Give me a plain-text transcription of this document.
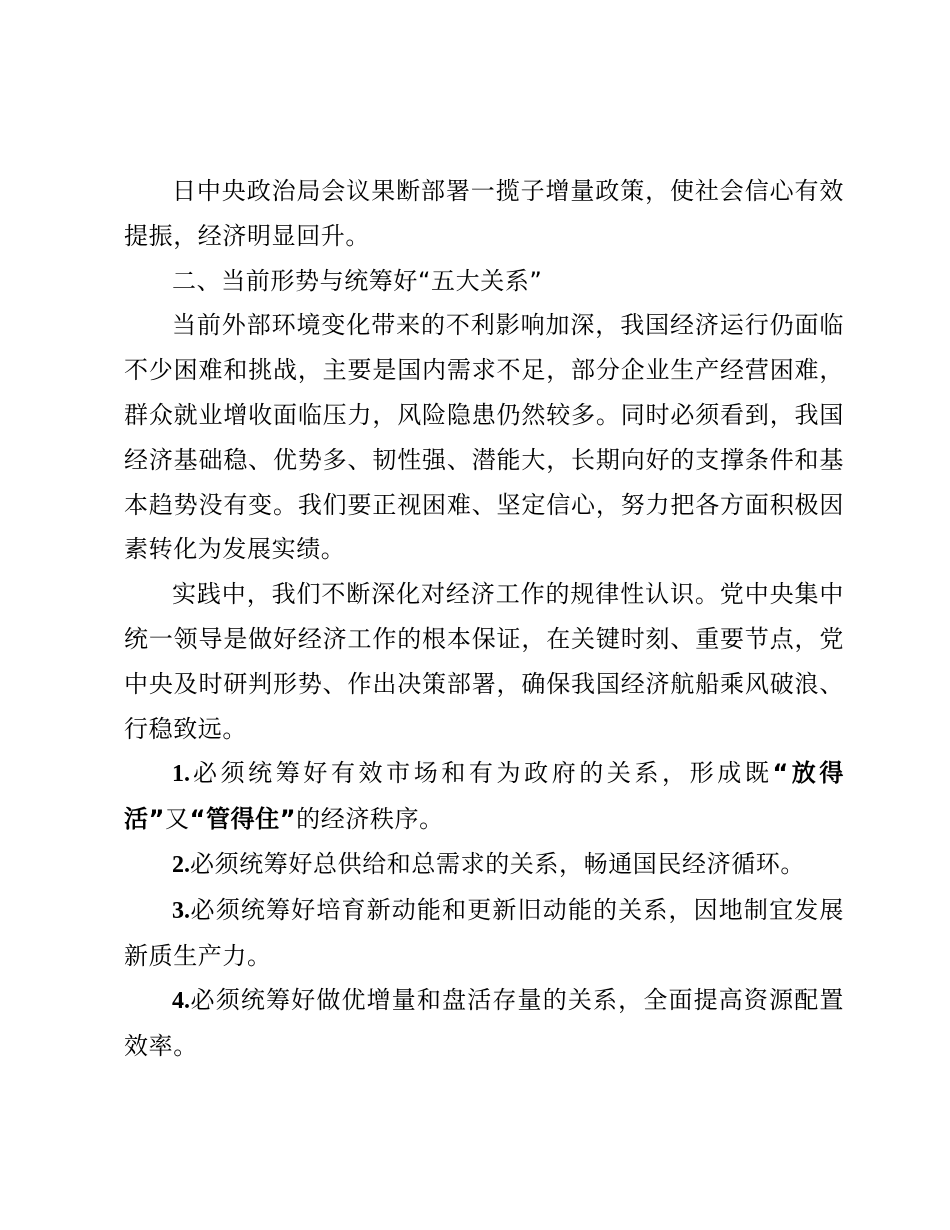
日中央政治局会议果断部署一揽子增量政策，使社会信心有效提振，经济明显回升。

二、当前形势与统筹好“五大关系”

当前外部环境变化带来的不利影响加深，我国经济运行仍面临不少困难和挑战，主要是国内需求不足，部分企业生产经营困难，群众就业增收面临压力，风险隐患仍然较多。同时必须看到，我国经济基础稳、优势多、韧性强、潜能大，长期向好的支撑条件和基本趋势没有变。我们要正视困难、坚定信心，努力把各方面积极因素转化为发展实绩。

实践中，我们不断深化对经济工作的规律性认识。党中央集中统一领导是做好经济工作的根本保证，在关键时刻、重要节点，党中央及时研判形势、作出决策部署，确保我国经济航船乘风破浪、行稳致远。

1.必须统筹好有效市场和有为政府的关系，形成既“放得活”又“管得住”的经济秩序。

2.必须统筹好总供给和总需求的关系，畅通国民经济循环。

3.必须统筹好培育新动能和更新旧动能的关系，因地制宜发展新质生产力。

4.必须统筹好做优增量和盘活存量的关系，全面提高资源配置效率。
